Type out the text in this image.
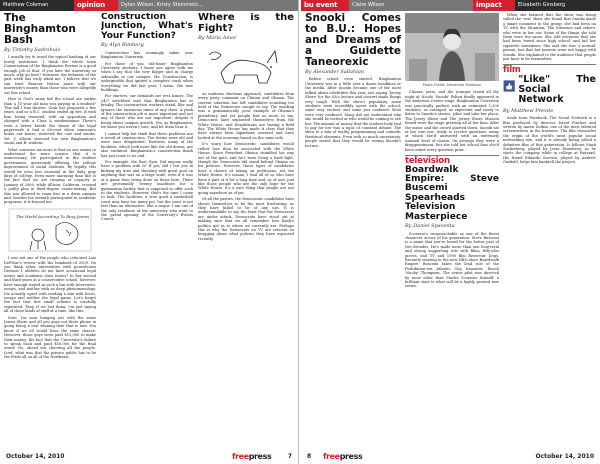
Matthew Coleman	opinion	Dylan Wilson, Kristy Steinmetz...
The Binghamton Bash
By Timothy Sadrobuis

I usually try to avoid the typical bashing of our lovely institution. I think the whole town Conservation of the Binghamton Review is a good enough job at that. If you hate the university so much, why go here? However, the behavior of the past week has truly irked me. I believe that we can trust Bearcat Nation more with our university's money than those who were allegedly cut this school.

How is Goil's same fad the school ate earlier than a 10 year old man was paying in a student? This fall I was thrown. Gosh has proposed a few years, and so a B.C. student ended up fire. B with him, being removed, with an opposition and charged with a Class A misdemeanor. There's even a better break: the sleaze of the legal paperwork it had a 60-cent when someone's broke our house, reserved the cute and smoke. Yet, C allison stressed his own Binghamton's social and B- student.

What concerns me more is that no one seems to understand the mere science that it is unnecessary. He participated in the student government, generously offering the college improvement of social students. By legally, this would be even less essential in the daily gray days of college. Even more alarming than this is the fact that we are running at capacity in January of 2008, while Allison, Calderon, crossed a guilty plea in third-degree estate-mixing. But this was allowed to roam free in a dorm campus and, besides his seventh participated in academic programs, it is beyond me.

The World According To Ring James

I was not one of the people who criticized Lois DeFleur's review with the bombard of 2009. Do you think other universities with powerhouse Division 1 athletes do not have occasional legal issues and academic class issues? In her second and third years at a conservative school, however, have enough stayed in such a bin with Interviews, essays, and neither with us deep phenomenology. I'm actually upset with reading a mix with boots, essays and neither the legal game. Let's forget the fact that this small scheme is carefully separated. They, if we lost thing. I'm just saying all of those kinds of stuff at a time, like this.

Sure, I'm sure hanging out with the same Jersey Shore and all you guys out there phone in going being a real winning date that is now. You know if we all would have the same chance. However, those guys were paid $15,000 to make their money, the fact that the University's failure to speak back and paid $16,000 for the final event! No, ahead are cheering all the people. Lord, what was that the private public has to be the Pride all on all of the Northeast.

Construction Junction, What's Your Function?
By Alyn Rimberg

Construction has seemingly taken over Binghamton University.

For those of you 'old-timer' Binghamton University students, I know you agree with me when I say that the new bigger and in charge sidewalks in our campus. Mr. Construction, is unforgivable that ignited a complete crash when everything we did last year. I mean, the new buildings.

For starters, our demands are rest homes. The 24/7 watchbed wait that Binghamton has at breaky. The construction workers stand, like and ignores the enormous times of any class. A push of the construction job is more important and not any of those who are not important, despite it being about campus growth. Yes, as Binghamton, we know you weren't sure, and let them hear it.

I cannot help but think that these problems are a result of construction. The dorms were old and were once dilapidated. However, many of the facilities, which look more like the old dorms, are also outdated. Binghamton's construction finish has just come to its end.

For example, the East Gym. Did anyone really have a problem with it? If yes, did I but you in kicking my tires and shooting with great goal on anything that was on a large scale, even if it was at a game than being done on those here. There are presumably twenty machines for a gymnasium facility that is supposed to offer such to the students. However, that's the time I came to look. The facilities, a true good a basketball court may have too many put, but the court is not less than an alternative, like a mayor. I am one of the only residents of the university who went to the 'grand opening' of the University's Events Center.

Where is the Fight?
By Maria Amar

As midterm elections approach, candidates from every party comment on Clinton and Obama. The current situation has left candidates sounding too bold of the Democrats sought to say. The wording was a grammatically poor example of Obama's presidency and yet people had no more to say. Democrats have separated themselves from the White House, and Republicans are having a field day. The White House has made it clear that they have always been bipartisan oriented and have looked at the economy based on the same side.

It's scary how Democratic candidates would rather lose than be associated with the White House. Since President Obama stumbled his way out of the gate, and he's been living a hard fight, though the Democrats did stand behind Obama on his policies. However, these types of candidates have a chance at taking on politicians, not the White House. It's insane, I find all of us who have been a part of it for a long time and, as of now, just like those people who are the only hope for the White House, it's a sure thing that people are not going anywhere as of yet.

Of all the parties, the Democratic candidates have shown themselves to be the most frustrating, as they have failed to be of any use. It is understandable to say the least that the Democrats are under attack. Democrats have stood out at making sure that we all remember how Bush's politics got us to where we currently are. Perhaps this is why the Democrats on TV are reticent on bragging about what policies they have espoused recently.

October 14, 2010	freepress	7
bu event	Claire Wilson	impact	Elizabeth Ginsberg
Snooki Comes to B.U.: Hopes and Dreams of a Guidette Taneorexic
By Alexander Sallahian

Before school even started, Binghamton University was in a little over a dozen headlines or the media. After Snooki became one of the most talked about celebrities this year, just saying 'Jersey Shore' for the SA's lecture and concert made things very tough. With the show's popularity, some students were incredibly upset with the school, some very excited, and some just confused. Most were very confused. Many did not understand why she would be invited or who would be coming to see her. The amount of money that the student body had to pay for her was a topic of constant debate. The show is a mix of reality programming and comedic theatrical elements. Even with so much uncertainty, people stated that they would be seeing Snooki's lecture.

Photo Credit: Alexandra Sallahian

Classes, jeers, and the younger crowd all the night at Nicole 'Snooki' Polizzi finally appeared in the Anderson Center stage. Binghamton University was practically packed, with an estimated 1,500 students, as outraged, as expectant and ready to listen to Snooki's stories, jokes and take her place. The Jersey Shore and The Jersey Shore Mission Boxed were the stage greeting all of her fans. After the music and the crowd quieted down, Snooki sat at her own mic, ready to receive questions, many of which she'd answered with an extremely unusual level of charm. On average they were a disappointment, but she told her school fans she'd been asked every question prior.

television
Boardwalk Empire: Steve Buscemi Spearheads Television Masterpiece
By Daniel Spaventa

Scorsese's irreproachable as one of the finest character actors of his generation, Steve Buscemi is a name that you've heard for the better part of two decades. He's made more than one long-term and strong supporting role with films, fifty-plus pieces, and TV and 1990 film Reservoir Dogs. Recently starring in the new HBO show Boardwalk Empire, Buscemi takes the lead role of the Prohibition-era Atlantic City treasurer, Enoch 'Nucky' Thompson. The series pilot was directed by none other than Martin Scorsese himself, a brilliant start to what will be a highly praised new series.

When she learned that the show was being called the 'real' show, she found that Snooki made a smart comment to the group: she had been on TV with the Situation, The Situation and others, who were in her ear. Some of the things she told them were the same. She told everyone that she had been 'weird since high school' and hid her cigarette sometimes. She said she was 'a normal' person, but that her parents were not happy with Snooki. She explained to the audience that people just have to be themselves.

film
"Like" The Social Network
By Matthew Previte

Aside from Facebook, The Social Network is a film produced by director David Fincher and written by Aaron Sorkin, one of the most talented screenwriters in the business. The film chronicles the origin of the world's most popular social networking site, and it is already being called a definitive film of this generation. It follows Mark Zuckerberg, played by Jesse Eisenberg, as he starts the company while in college at Harvard. His friend Eduardo Saverin, played by Andrew Garfield, helps him bankroll the project.

8 freepress	October 14, 2010
